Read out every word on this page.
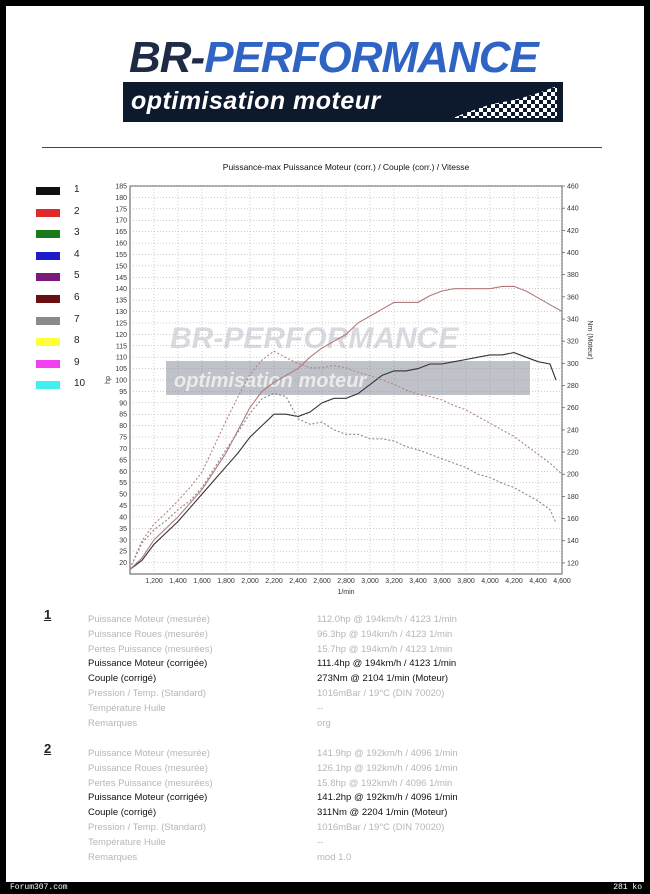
BR-PERFORMANCE
optimisation moteur
Puissance-max Puissance Moteur (corr.) / Couple (corr.) / Vitesse
1,200 1,400 1,600 1,800 2,000 2,200 2,400 2,600 2,800 3,000 3,200 3,400 3,600 3,800 4,000 4,200 4,400 4,600
20
25
30
35
40
45
50
55
60
65
70
75
80
85
90
95
100
105
110
115
120
125
130
135
140
145
150
155
160
165
170
175
180
185
120
140
160
180
200
220
240
260
280
300
320
340
360
380
400
420
440
460
1/min
hp
Nm (Moteur)
BR-PERFORMANCE
optimisation moteur
1
2
3
4
5
6
7
8
9
10
1	Puissance Moteur (mesurée)	112.0hp @ 194km/h / 4123 1/min
Puissance Roues (mesurée)	96.3hp @ 194km/h / 4123 1/min
Pertes Puissance (mesurées)	15.7hp @ 194km/h / 4123 1/min
Puissance Moteur (corrigée)	111.4hp @ 194km/h / 4123 1/min
Couple (corrigé)	273Nm @ 2104 1/min (Moteur)
Pression / Temp. (Standard)	1016mBar / 19°C (DIN 70020)
Température Huile	--
Remarques	org
2	Puissance Moteur (mesurée)	141.9hp @ 192km/h / 4096 1/min
Puissance Roues (mesurée)	126.1hp @ 192km/h / 4096 1/min
Pertes Puissance (mesurées)	15.8hp @ 192km/h / 4096 1/min
Puissance Moteur (corrigée)	141.2hp @ 192km/h / 4096 1/min
Couple (corrigé)	311Nm @ 2204 1/min (Moteur)
Pression / Temp. (Standard)	1016mBar / 19°C (DIN 70020)
Température Huile	--
Remarques	mod 1.0
Forum307.com	281 ko
